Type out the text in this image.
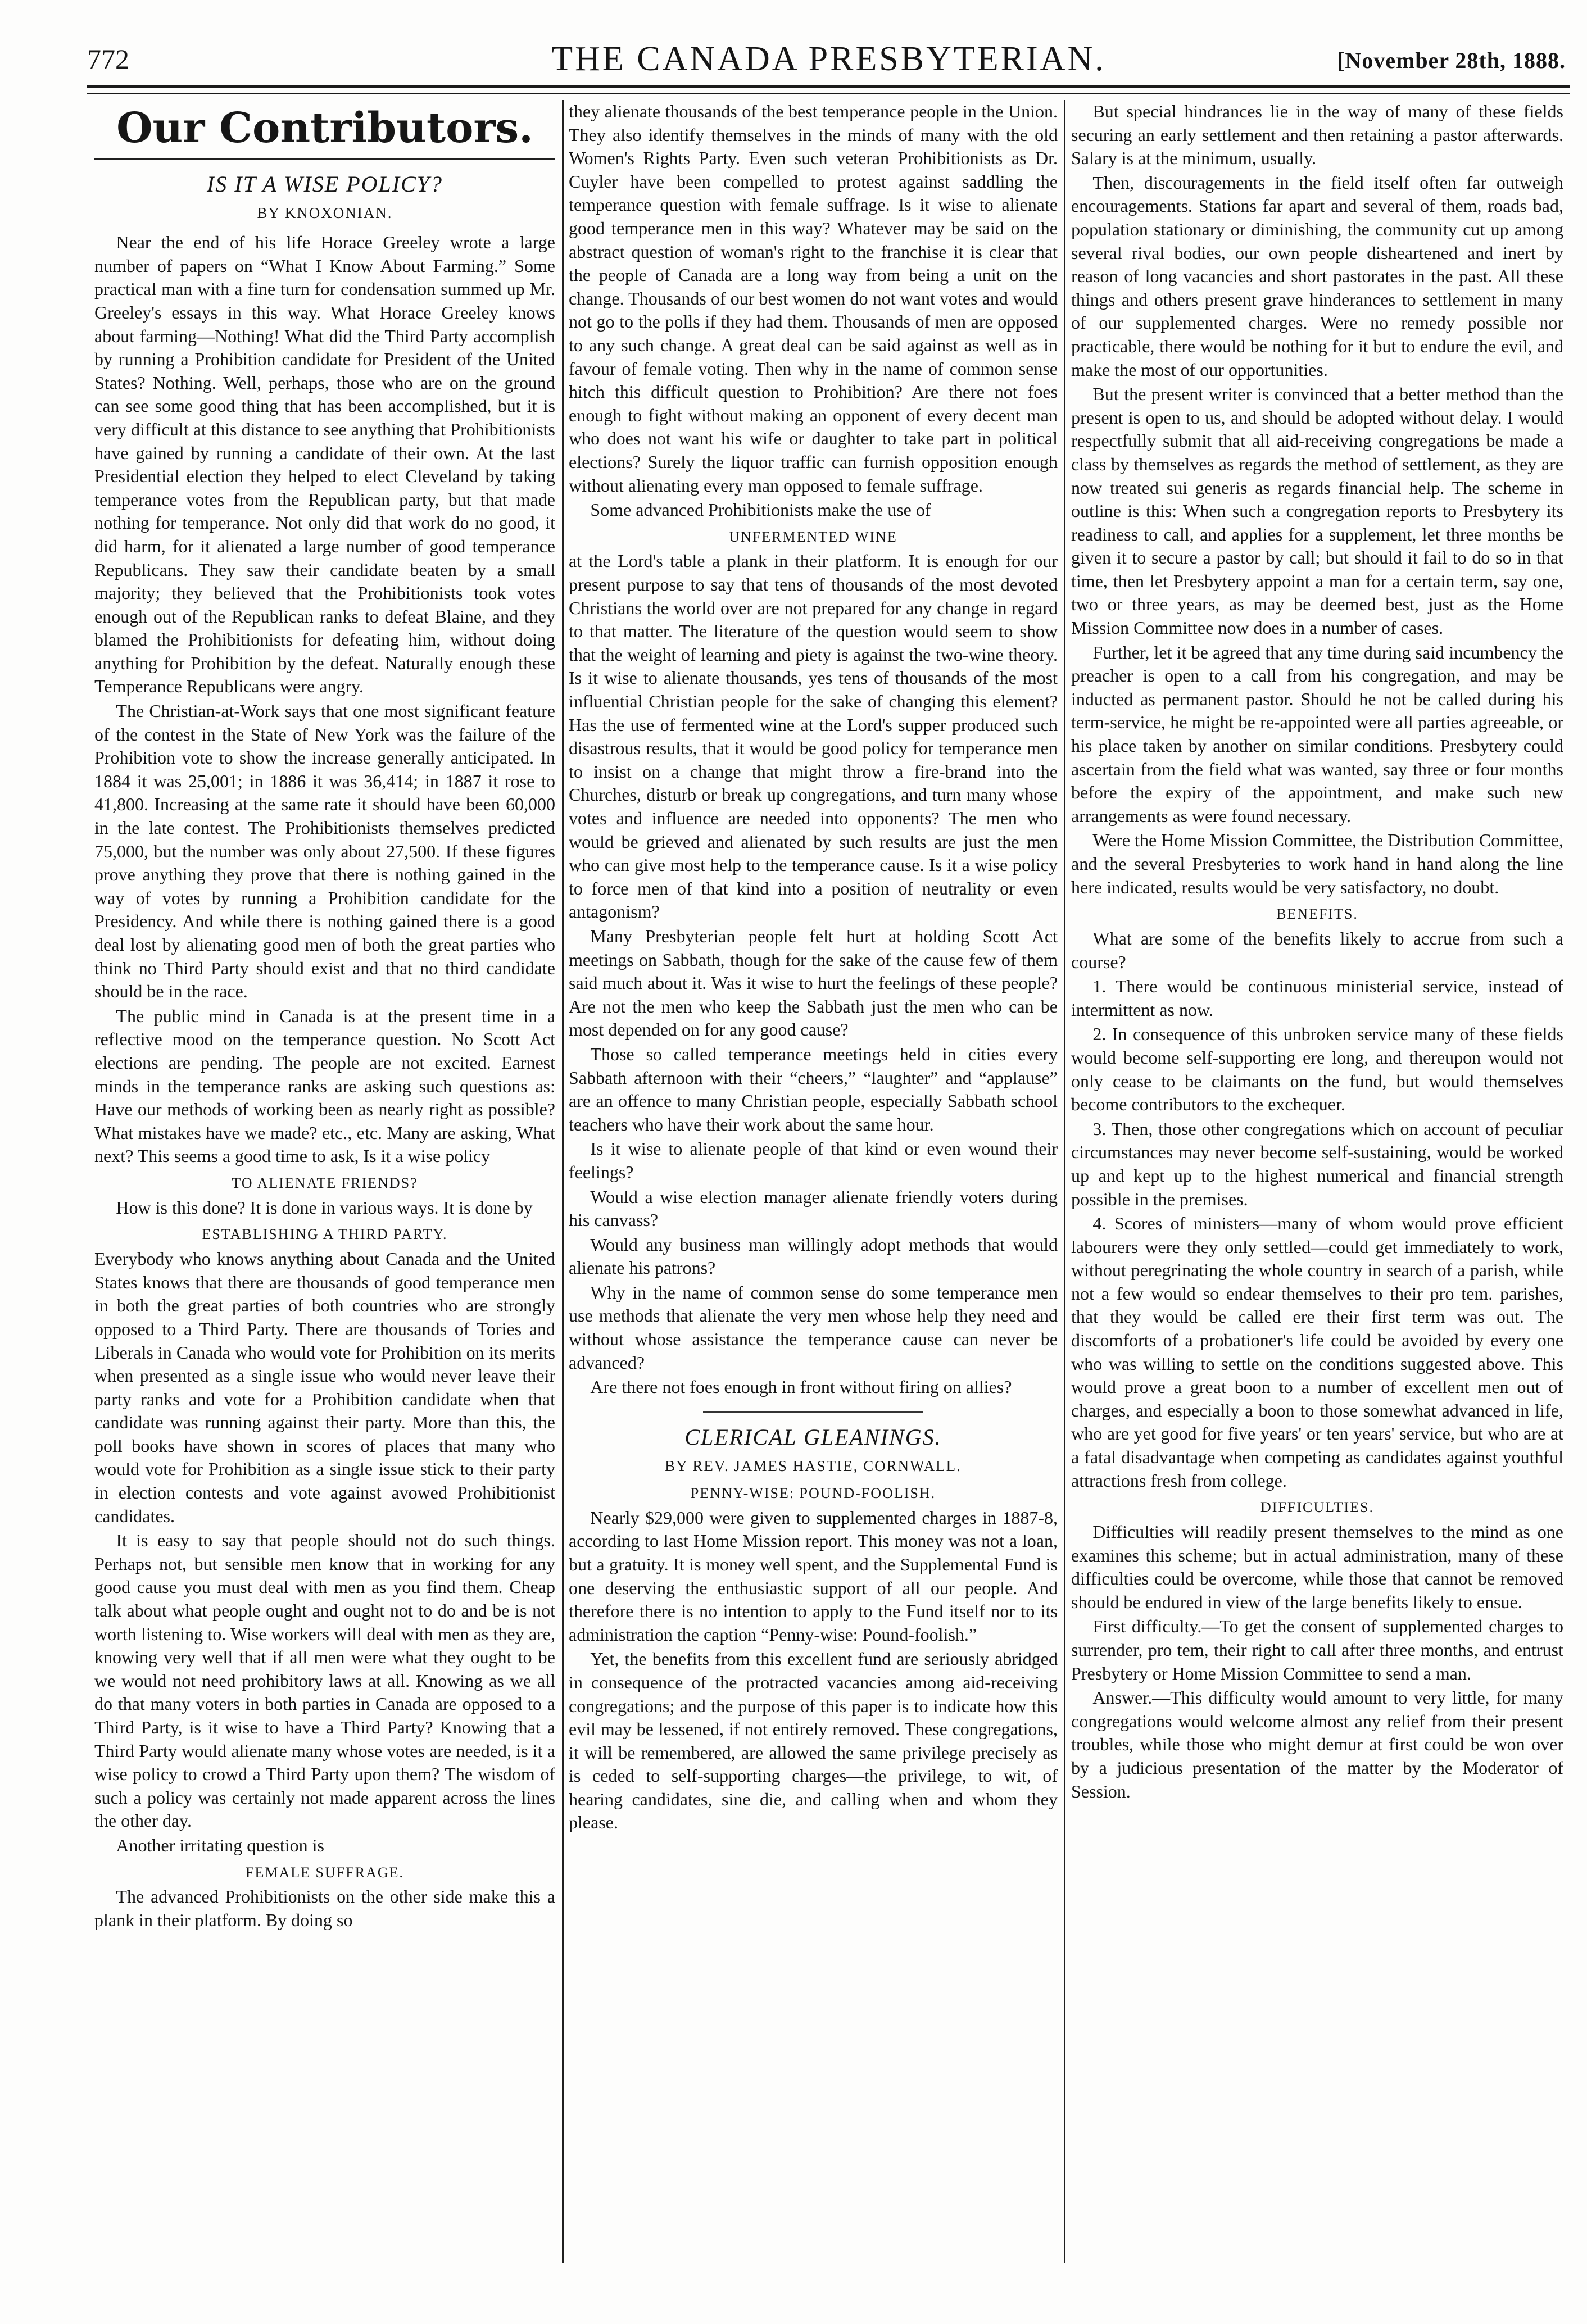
THE CANADA PRESBYTERIAN.
772	[November 28th, 1888.
Our Contributors.
IS IT A WISE POLICY?
BY KNOXONIAN.

Near the end of his life Horace Greeley wrote a large number of papers on “What I Know About Farming.” Some practical man with a fine turn for condensation summed up Mr. Greeley's essays in this way. What Horace Greeley knows about farming—Nothing! What did the Third Party accomplish by running a Prohibition candidate for President of the United States? Nothing. Well, perhaps, those who are on the ground can see some good thing that has been accomplished, but it is very difficult at this distance to see anything that Prohibitionists have gained by running a candidate of their own. At the last Presidential election they helped to elect Cleveland by taking temperance votes from the Republican party, but that made nothing for temperance. Not only did that work do no good, it did harm, for it alienated a large number of good temperance Republicans. They saw their candidate beaten by a small majority; they believed that the Prohibitionists took votes enough out of the Republican ranks to defeat Blaine, and they blamed the Prohibitionists for defeating him, without doing anything for Prohibition by the defeat. Naturally enough these Temperance Republicans were angry.

The Christian-at-Work says that one most significant feature of the contest in the State of New York was the failure of the Prohibition vote to show the increase generally anticipated. In 1884 it was 25,001; in 1886 it was 36,414; in 1887 it rose to 41,800. Increasing at the same rate it should have been 60,000 in the late contest. The Prohibitionists themselves predicted 75,000, but the number was only about 27,500. If these figures prove anything they prove that there is nothing gained in the way of votes by running a Prohibition candidate for the Presidency. And while there is nothing gained there is a good deal lost by alienating good men of both the great parties who think no Third Party should exist and that no third candidate should be in the race.

The public mind in Canada is at the present time in a reflective mood on the temperance question. No Scott Act elections are pending. The people are not excited. Earnest minds in the temperance ranks are asking such questions as: Have our methods of working been as nearly right as possible? What mistakes have we made? etc., etc. Many are asking, What next? This seems a good time to ask, Is it a wise policy

TO ALIENATE FRIENDS?

How is this done? It is done in various ways. It is done by

ESTABLISHING A THIRD PARTY.

Everybody who knows anything about Canada and the United States knows that there are thousands of good temperance men in both the great parties of both countries who are strongly opposed to a Third Party. There are thousands of Tories and Liberals in Canada who would vote for Prohibition on its merits when presented as a single issue who would never leave their party ranks and vote for a Prohibition candidate when that candidate was running against their party. More than this, the poll books have shown in scores of places that many who would vote for Prohibition as a single issue stick to their party in election contests and vote against avowed Prohibitionist candidates.

It is easy to say that people should not do such things. Perhaps not, but sensible men know that in working for any good cause you must deal with men as you find them. Cheap talk about what people ought and ought not to do and be is not worth listening to. Wise workers will deal with men as they are, knowing very well that if all men were what they ought to be we would not need prohibitory laws at all. Knowing as we all do that many voters in both parties in Canada are opposed to a Third Party, is it wise to have a Third Party? Knowing that a Third Party would alienate many whose votes are needed, is it a wise policy to crowd a Third Party upon them? The wisdom of such a policy was certainly not made apparent across the lines the other day.

Another irritating question is

FEMALE SUFFRAGE.

The advanced Prohibitionists on the other side make this a plank in their platform. By doing so

they alienate thousands of the best temperance people in the Union. They also identify themselves in the minds of many with the old Women's Rights Party. Even such veteran Prohibitionists as Dr. Cuyler have been compelled to protest against saddling the temperance question with female suffrage. Is it wise to alienate good temperance men in this way? Whatever may be said on the abstract question of woman's right to the franchise it is clear that the people of Canada are a long way from being a unit on the change. Thousands of our best women do not want votes and would not go to the polls if they had them. Thousands of men are opposed to any such change. A great deal can be said against as well as in favour of female voting. Then why in the name of common sense hitch this difficult question to Prohibition? Are there not foes enough to fight without making an opponent of every decent man who does not want his wife or daughter to take part in political elections? Surely the liquor traffic can furnish opposition enough without alienating every man opposed to female suffrage.

Some advanced Prohibitionists make the use of

UNFERMENTED WINE

at the Lord's table a plank in their platform. It is enough for our present purpose to say that tens of thousands of the most devoted Christians the world over are not prepared for any change in regard to that matter. The literature of the question would seem to show that the weight of learning and piety is against the two-wine theory. Is it wise to alienate thousands, yes tens of thousands of the most influential Christian people for the sake of changing this element? Has the use of fermented wine at the Lord's supper produced such disastrous results, that it would be good policy for temperance men to insist on a change that might throw a fire-brand into the Churches, disturb or break up congregations, and turn many whose votes and influence are needed into opponents? The men who would be grieved and alienated by such results are just the men who can give most help to the temperance cause. Is it a wise policy to force men of that kind into a position of neutrality or even antagonism?

Many Presbyterian people felt hurt at holding Scott Act meetings on Sabbath, though for the sake of the cause few of them said much about it. Was it wise to hurt the feelings of these people? Are not the men who keep the Sabbath just the men who can be most depended on for any good cause?

Those so called temperance meetings held in cities every Sabbath afternoon with their “cheers,” “laughter” and “applause” are an offence to many Christian people, especially Sabbath school teachers who have their work about the same hour.

Is it wise to alienate people of that kind or even wound their feelings?

Would a wise election manager alienate friendly voters during his canvass?

Would any business man willingly adopt methods that would alienate his patrons?

Why in the name of common sense do some temperance men use methods that alienate the very men whose help they need and without whose assistance the temperance cause can never be advanced?

Are there not foes enough in front without firing on allies?

CLERICAL GLEANINGS.
BY REV. JAMES HASTIE, CORNWALL.
PENNY-WISE: POUND-FOOLISH.

Nearly $29,000 were given to supplemented charges in 1887-8, according to last Home Mission report. This money was not a loan, but a gratuity. It is money well spent, and the Supplemental Fund is one deserving the enthusiastic support of all our people. And therefore there is no intention to apply to the Fund itself nor to its administration the caption “Penny-wise: Pound-foolish.”

Yet, the benefits from this excellent fund are seriously abridged in consequence of the protracted vacancies among aid-receiving congregations; and the purpose of this paper is to indicate how this evil may be lessened, if not entirely removed. These congregations, it will be remembered, are allowed the same privilege precisely as is ceded to self-supporting charges—the privilege, to wit, of hearing candidates, sine die, and calling when and whom they please.

But special hindrances lie in the way of many of these fields securing an early settlement and then retaining a pastor afterwards. Salary is at the minimum, usually.

Then, discouragements in the field itself often far outweigh encouragements. Stations far apart and several of them, roads bad, population stationary or diminishing, the community cut up among several rival bodies, our own people disheartened and inert by reason of long vacancies and short pastorates in the past. All these things and others present grave hinderances to settlement in many of our supplemented charges. Were no remedy possible nor practicable, there would be nothing for it but to endure the evil, and make the most of our opportunities.

But the present writer is convinced that a better method than the present is open to us, and should be adopted without delay. I would respectfully submit that all aid-receiving congregations be made a class by themselves as regards the method of settlement, as they are now treated sui generis as regards financial help. The scheme in outline is this: When such a congregation reports to Presbytery its readiness to call, and applies for a supplement, let three months be given it to secure a pastor by call; but should it fail to do so in that time, then let Presbytery appoint a man for a certain term, say one, two or three years, as may be deemed best, just as the Home Mission Committee now does in a number of cases.

Further, let it be agreed that any time during said incumbency the preacher is open to a call from his congregation, and may be inducted as permanent pastor. Should he not be called during his term-service, he might be re-appointed were all parties agreeable, or his place taken by another on similar conditions. Presbytery could ascertain from the field what was wanted, say three or four months before the expiry of the appointment, and make such new arrangements as were found necessary.

Were the Home Mission Committee, the Distribution Committee, and the several Presbyteries to work hand in hand along the line here indicated, results would be very satisfactory, no doubt.

BENEFITS.

What are some of the benefits likely to accrue from such a course?

1. There would be continuous ministerial service, instead of intermittent as now.

2. In consequence of this unbroken service many of these fields would become self-supporting ere long, and thereupon would not only cease to be claimants on the fund, but would themselves become contributors to the exchequer.

3. Then, those other congregations which on account of peculiar circumstances may never become self-sustaining, would be worked up and kept up to the highest numerical and financial strength possible in the premises.

4. Scores of ministers—many of whom would prove efficient labourers were they only settled—could get immediately to work, without peregrinating the whole country in search of a parish, while not a few would so endear themselves to their pro tem. parishes, that they would be called ere their first term was out. The discomforts of a probationer's life could be avoided by every one who was willing to settle on the conditions suggested above. This would prove a great boon to a number of excellent men out of charges, and especially a boon to those somewhat advanced in life, who are yet good for five years' or ten years' service, but who are at a fatal disadvantage when competing as candidates against youthful attractions fresh from college.

DIFFICULTIES.

Difficulties will readily present themselves to the mind as one examines this scheme; but in actual administration, many of these difficulties could be overcome, while those that cannot be removed should be endured in view of the large benefits likely to ensue.

First difficulty.—To get the consent of supplemented charges to surrender, pro tem, their right to call after three months, and entrust Presbytery or Home Mission Committee to send a man.

Answer.—This difficulty would amount to very little, for many congregations would welcome almost any relief from their present troubles, while those who might demur at first could be won over by a judicious presentation of the matter by the Moderator of Session.
